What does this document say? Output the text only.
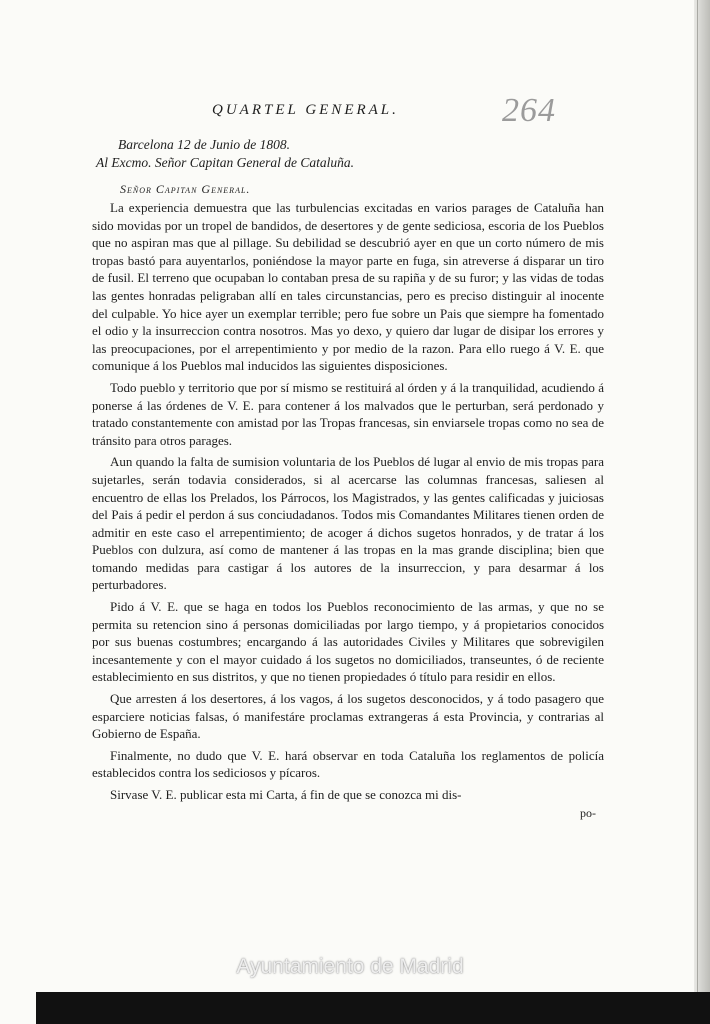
QUARTEL GENERAL.	264

Barcelona 12 de Junio de 1808.

Al Excmo. Señor Capitan General de Cataluña.

Señor Capitan General.

La experiencia demuestra que las turbulencias excitadas en varios parages de Cataluña han sido movidas por un tropel de bandidos, de desertores y de gente sediciosa, escoria de los Pueblos que no aspiran mas que al pillage. Su debilidad se descubrió ayer en que un corto número de mis tropas bastó para auyentarlos, poniéndose la mayor parte en fuga, sin atreverse á disparar un tiro de fusil. El terreno que ocupaban lo contaban presa de su rapiña y de su furor; y las vidas de todas las gentes honradas peligraban allí en tales circunstancias, pero es preciso distinguir al inocente del culpable. Yo hice ayer un exemplar terrible; pero fue sobre un Pais que siempre ha fomentado el odio y la insurreccion contra nosotros. Mas yo dexo, y quiero dar lugar de disipar los errores y las preocupaciones, por el arrepentimiento y por medio de la razon. Para ello ruego á V. E. que comunique á los Pueblos mal inducidos las siguientes disposiciones.

Todo pueblo y territorio que por sí mismo se restituirá al órden y á la tranquilidad, acudiendo á ponerse á las órdenes de V. E. para contener á los malvados que le perturban, será perdonado y tratado constantemente con amistad por las Tropas francesas, sin enviarsele tropas como no sea de tránsito para otros parages.

Aun quando la falta de sumision voluntaria de los Pueblos dé lugar al envio de mis tropas para sujetarles, serán todavia considerados, si al acercarse las columnas francesas, saliesen al encuentro de ellas los Prelados, los Párrocos, los Magistrados, y las gentes calificadas y juiciosas del Pais á pedir el perdon á sus conciudadanos. Todos mis Comandantes Militares tienen orden de admitir en este caso el arrepentimiento; de acoger á dichos sugetos honrados, y de tratar á los Pueblos con dulzura, así como de mantener á las tropas en la mas grande disciplina; bien que tomando medidas para castigar á los autores de la insurreccion, y para desarmar á los perturbadores.

Pido á V. E. que se haga en todos los Pueblos reconocimiento de las armas, y que no se permita su retencion sino á personas domiciliadas por largo tiempo, y á propietarios conocidos por sus buenas costumbres; encargando á las autoridades Civiles y Militares que sobrevigilen incesantemente y con el mayor cuidado á los sugetos no domiciliados, transeuntes, ó de reciente establecimiento en sus distritos, y que no tienen propiedades ó título para residir en ellos.

Que arresten á los desertores, á los vagos, á los sugetos desconocidos, y á todo pasagero que esparciere noticias falsas, ó manifestáre proclamas extrangeras á esta Provincia, y contrarias al Gobierno de España.

Finalmente, no dudo que V. E. hará observar en toda Cataluña los reglamentos de policía establecidos contra los sediciosos y pícaros.

Sirvase V. E. publicar esta mi Carta, á fin de que se conozca mi dis-

po-
Ayuntamiento de Madrid
